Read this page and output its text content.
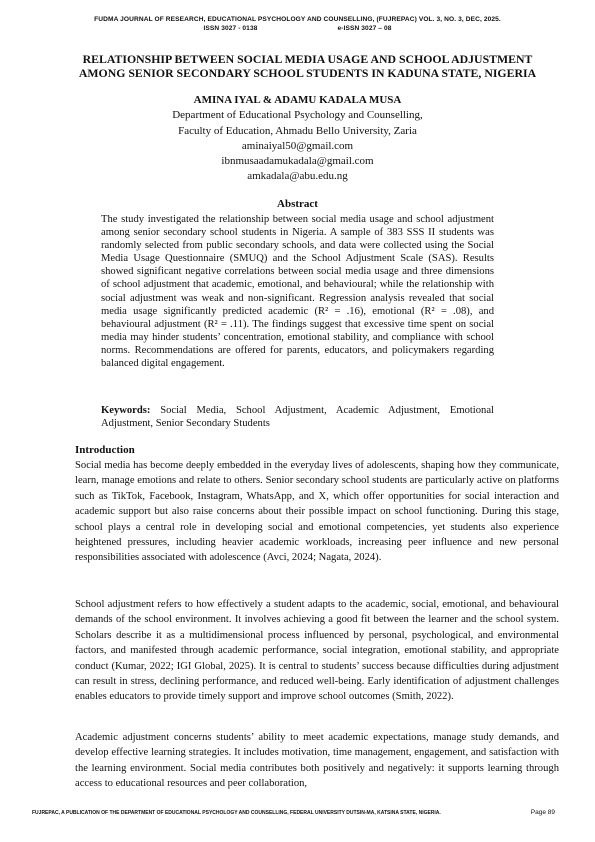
FUDMA JOURNAL OF RESEARCH, EDUCATIONAL PSYCHOLOGY AND COUNSELLING, (FUJREPAC) VOL. 3, NO. 3, DEC, 2025.
ISSN 3027 - 0138	e-ISSN 3027 – 08
RELATIONSHIP BETWEEN SOCIAL MEDIA USAGE AND SCHOOL ADJUSTMENT AMONG SENIOR SECONDARY SCHOOL STUDENTS IN KADUNA STATE, NIGERIA
AMINA IYAL & ADAMU KADALA MUSA
Department of Educational Psychology and Counselling,
Faculty of Education, Ahmadu Bello University, Zaria
aminaiyal50@gmail.com
ibnmusaadamukadala@gmail.com
amkadala@abu.edu.ng
Abstract
The study investigated the relationship between social media usage and school adjustment among senior secondary school students in Nigeria. A sample of 383 SSS II students was randomly selected from public secondary schools, and data were collected using the Social Media Usage Questionnaire (SMUQ) and the School Adjustment Scale (SAS). Results showed significant negative correlations between social media usage and three dimensions of school adjustment that academic, emotional, and behavioural; while the relationship with social adjustment was weak and non-significant. Regression analysis revealed that social media usage significantly predicted academic (R² = .16), emotional (R² = .08), and behavioural adjustment (R² = .11). The findings suggest that excessive time spent on social media may hinder students’ concentration, emotional stability, and compliance with school norms. Recommendations are offered for parents, educators, and policymakers regarding balanced digital engagement.
Keywords: Social Media, School Adjustment, Academic Adjustment, Emotional Adjustment, Senior Secondary Students
Introduction

Social media has become deeply embedded in the everyday lives of adolescents, shaping how they communicate, learn, manage emotions and relate to others. Senior secondary school students are particularly active on platforms such as TikTok, Facebook, Instagram, WhatsApp, and X, which offer opportunities for social interaction and academic support but also raise concerns about their possible impact on school functioning. During this stage, school plays a central role in developing social and emotional competencies, yet students also experience heightened pressures, including heavier academic workloads, increasing peer influence and new personal responsibilities associated with adolescence (Avci, 2024; Nagata, 2024).

School adjustment refers to how effectively a student adapts to the academic, social, emotional, and behavioural demands of the school environment. It involves achieving a good fit between the learner and the school system. Scholars describe it as a multidimensional process influenced by personal, psychological, and environmental factors, and manifested through academic performance, social integration, emotional stability, and appropriate conduct (Kumar, 2022; IGI Global, 2025). It is central to students’ success because difficulties during adjustment can result in stress, declining performance, and reduced well-being. Early identification of adjustment challenges enables educators to provide timely support and improve school outcomes (Smith, 2022).

Academic adjustment concerns students’ ability to meet academic expectations, manage study demands, and develop effective learning strategies. It includes motivation, time management, engagement, and satisfaction with the learning environment. Social media contributes both positively and negatively: it supports learning through access to educational resources and peer collaboration,

FUJREPAC, A PUBLICATION OF THE DEPARTMENT OF EDUCATIONAL PSYCHOLOGY AND COUNSELLING, FEDERAL UNIVERSITY DUTSIN-MA, KATSINA STATE, NIGERIA.	Page 89
